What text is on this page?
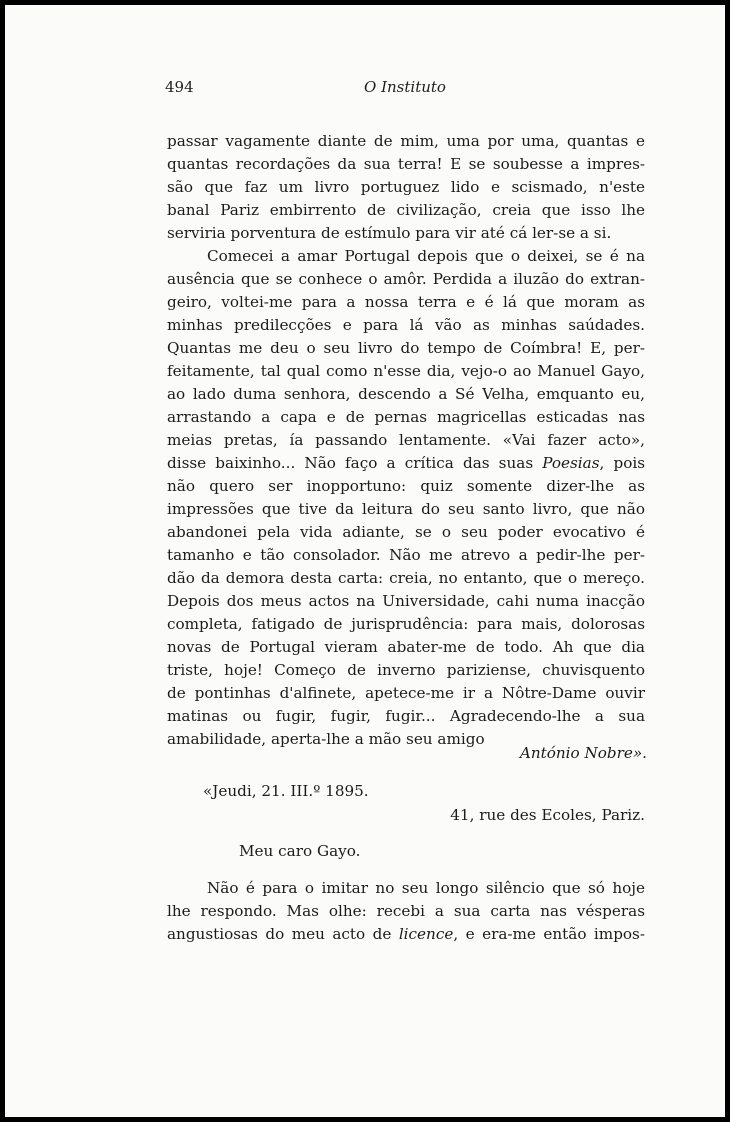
494	O Instituto
passar vagamente diante de mim, uma por uma, quantas e
quantas recordações da sua terra! E se soubesse a impres-
são que faz um livro portuguez lido e scismado, n'este
banal Pariz embirrento de civilização, creia que isso lhe
serviria porventura de estímulo para vir até cá ler-se a si.
Comecei a amar Portugal depois que o deixei, se é na
ausência que se conhece o amôr. Perdida a iluzão do extran-
geiro, voltei-me para a nossa terra e é lá que moram as
minhas predilecções e para lá vão as minhas saúdades.
Quantas me deu o seu livro do tempo de Coímbra! E, per-
feitamente, tal qual como n'esse dia, vejo-o ao Manuel Gayo,
ao lado duma senhora, descendo a Sé Velha, emquanto eu,
arrastando a capa e de pernas magricellas esticadas nas
meias pretas, ía passando lentamente. «Vai fazer acto»,
disse baixinho... Não faço a crítica das suas Poesias, pois
não quero ser inopportuno: quiz somente dizer-lhe as
impressões que tive da leitura do seu santo livro, que não
abandonei pela vida adiante, se o seu poder evocativo é
tamanho e tão consolador. Não me atrevo a pedir-lhe per-
dão da demora desta carta: creia, no entanto, que o mereço.
Depois dos meus actos na Universidade, cahi numa inacção
completa, fatigado de jurisprudência: para mais, dolorosas
novas de Portugal vieram abater-me de todo. Ah que dia
triste, hoje! Começo de inverno pariziense, chuvisquento
de pontinhas d'alfinete, apetece-me ir a Nôtre-Dame ouvir
matinas ou fugir, fugir, fugir... Agradecendo-lhe a sua
amabilidade, aperta-lhe a mão seu amigo
António Nobre».
«Jeudi, 21. III.º 1895.
41, rue des Ecoles, Pariz.
Meu caro Gayo.
Não é para o imitar no seu longo silêncio que só hoje
lhe respondo. Mas olhe: recebi a sua carta nas vésperas
angustiosas do meu acto de licence, e era-me então impos-
